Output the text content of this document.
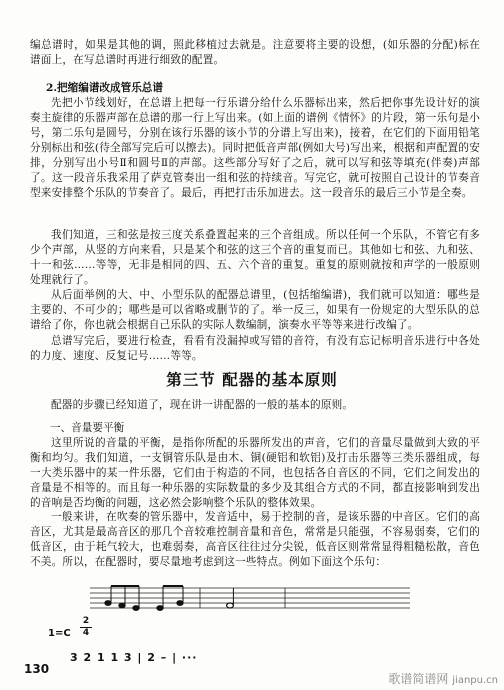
编总谱时，如果是其他的调，照此移植过去就是。注意要将主要的设想，(如乐器的分配)标在谱面上，在写总谱时再进行细致的配置。

2.把缩编谱改成管乐总谱

先把小节线划好，在总谱上把每一行乐谱分给什么乐器标出来，然后把你事先设计好的演奏主旋律的乐器声部在总谱的那一行上写出来。(如上面的谱例《情怀》的片段，第一乐句是小号，第二乐句是圆号，分别在该行乐器的该小节的分谱上写出来)，接着，在它们的下面用铅笔分别标出和弦(待全部写完后可以擦去)。同时把低音声部(例如大号)写出来，根据和声配置的安排，分别写出小号Ⅱ和圆号Ⅱ的声部。这些部分写好了之后，就可以写和弦等填充(伴奏)声部了。这一段音乐我采用了萨克管奏出一组和弦的持续音。写完它，就可按照自己设计的节奏音型来安排整个乐队的节奏音了。最后，再把打击乐加进去。这一段音乐的最后三小节是全奏。

我们知道，三和弦是按三度关系叠置起来的三个音组成。所以任何一个乐队，不管它有多少个声部，从竖的方向来看，只是某个和弦的这三个音的重复而已。其他如七和弦、九和弦、十一和弦……等等，无非是相同的四、五、六个音的重复。重复的原则就按和声学的一般原则处理就行了。

从后面举例的大、中、小型乐队的配器总谱里，(包括缩编谱)，我们就可以知道：哪些是主要的、不可少的；哪些是可以省略或删节的了。举一反三，如果有一份规定的大型乐队的总谱给了你，你也就会根据自己乐队的实际人数编制，演奏水平等等来进行改编了。

总谱写完后，要进行检查，看看有没漏掉或写错的音符，有没有忘记标明音乐进行中各处的力度、速度、反复记号……等等。

第三节 配器的基本原则

配器的步骤已经知道了，现在讲一讲配器的一般的基本的原则。

一、音量要平衡

这里所说的音量的平衡，是指你所配的乐器所发出的声音，它们的音量尽量做到大致的平衡和均匀。我们知道，一支铜管乐队是由木、铜(硬铝和软铝)及打击乐器等三类乐器组成，每一大类乐器中的某一件乐器，它们由于构造的不同，也包括各自音区的不同，它们之间发出的音量是不相等的。而且每一种乐器的实际数量的多少及其组合方式的不同，都直接影响到发出的音响是否均衡的问题，这必然会影响整个乐队的整体效果。

一般来讲，在吹奏的管乐器中，发音适中，易于控制的音，是该乐器的中音区。它们的高音区，尤其是最高音区的那几个音较难控制音量和音色，常常是只能强，不容易弱奏，它们的低音区，由于耗气较大，也难弱奏，高音区往往过分尖锐，低音区则常常显得粗糙松散，音色不美。所以，在配器时，要尽量地考虑到这一些特点。例如下面这个乐句：

1=C
2
4
3 2 1 1 3 | 2 – | ···
130
歌谱简谱网 jianpu.cn
